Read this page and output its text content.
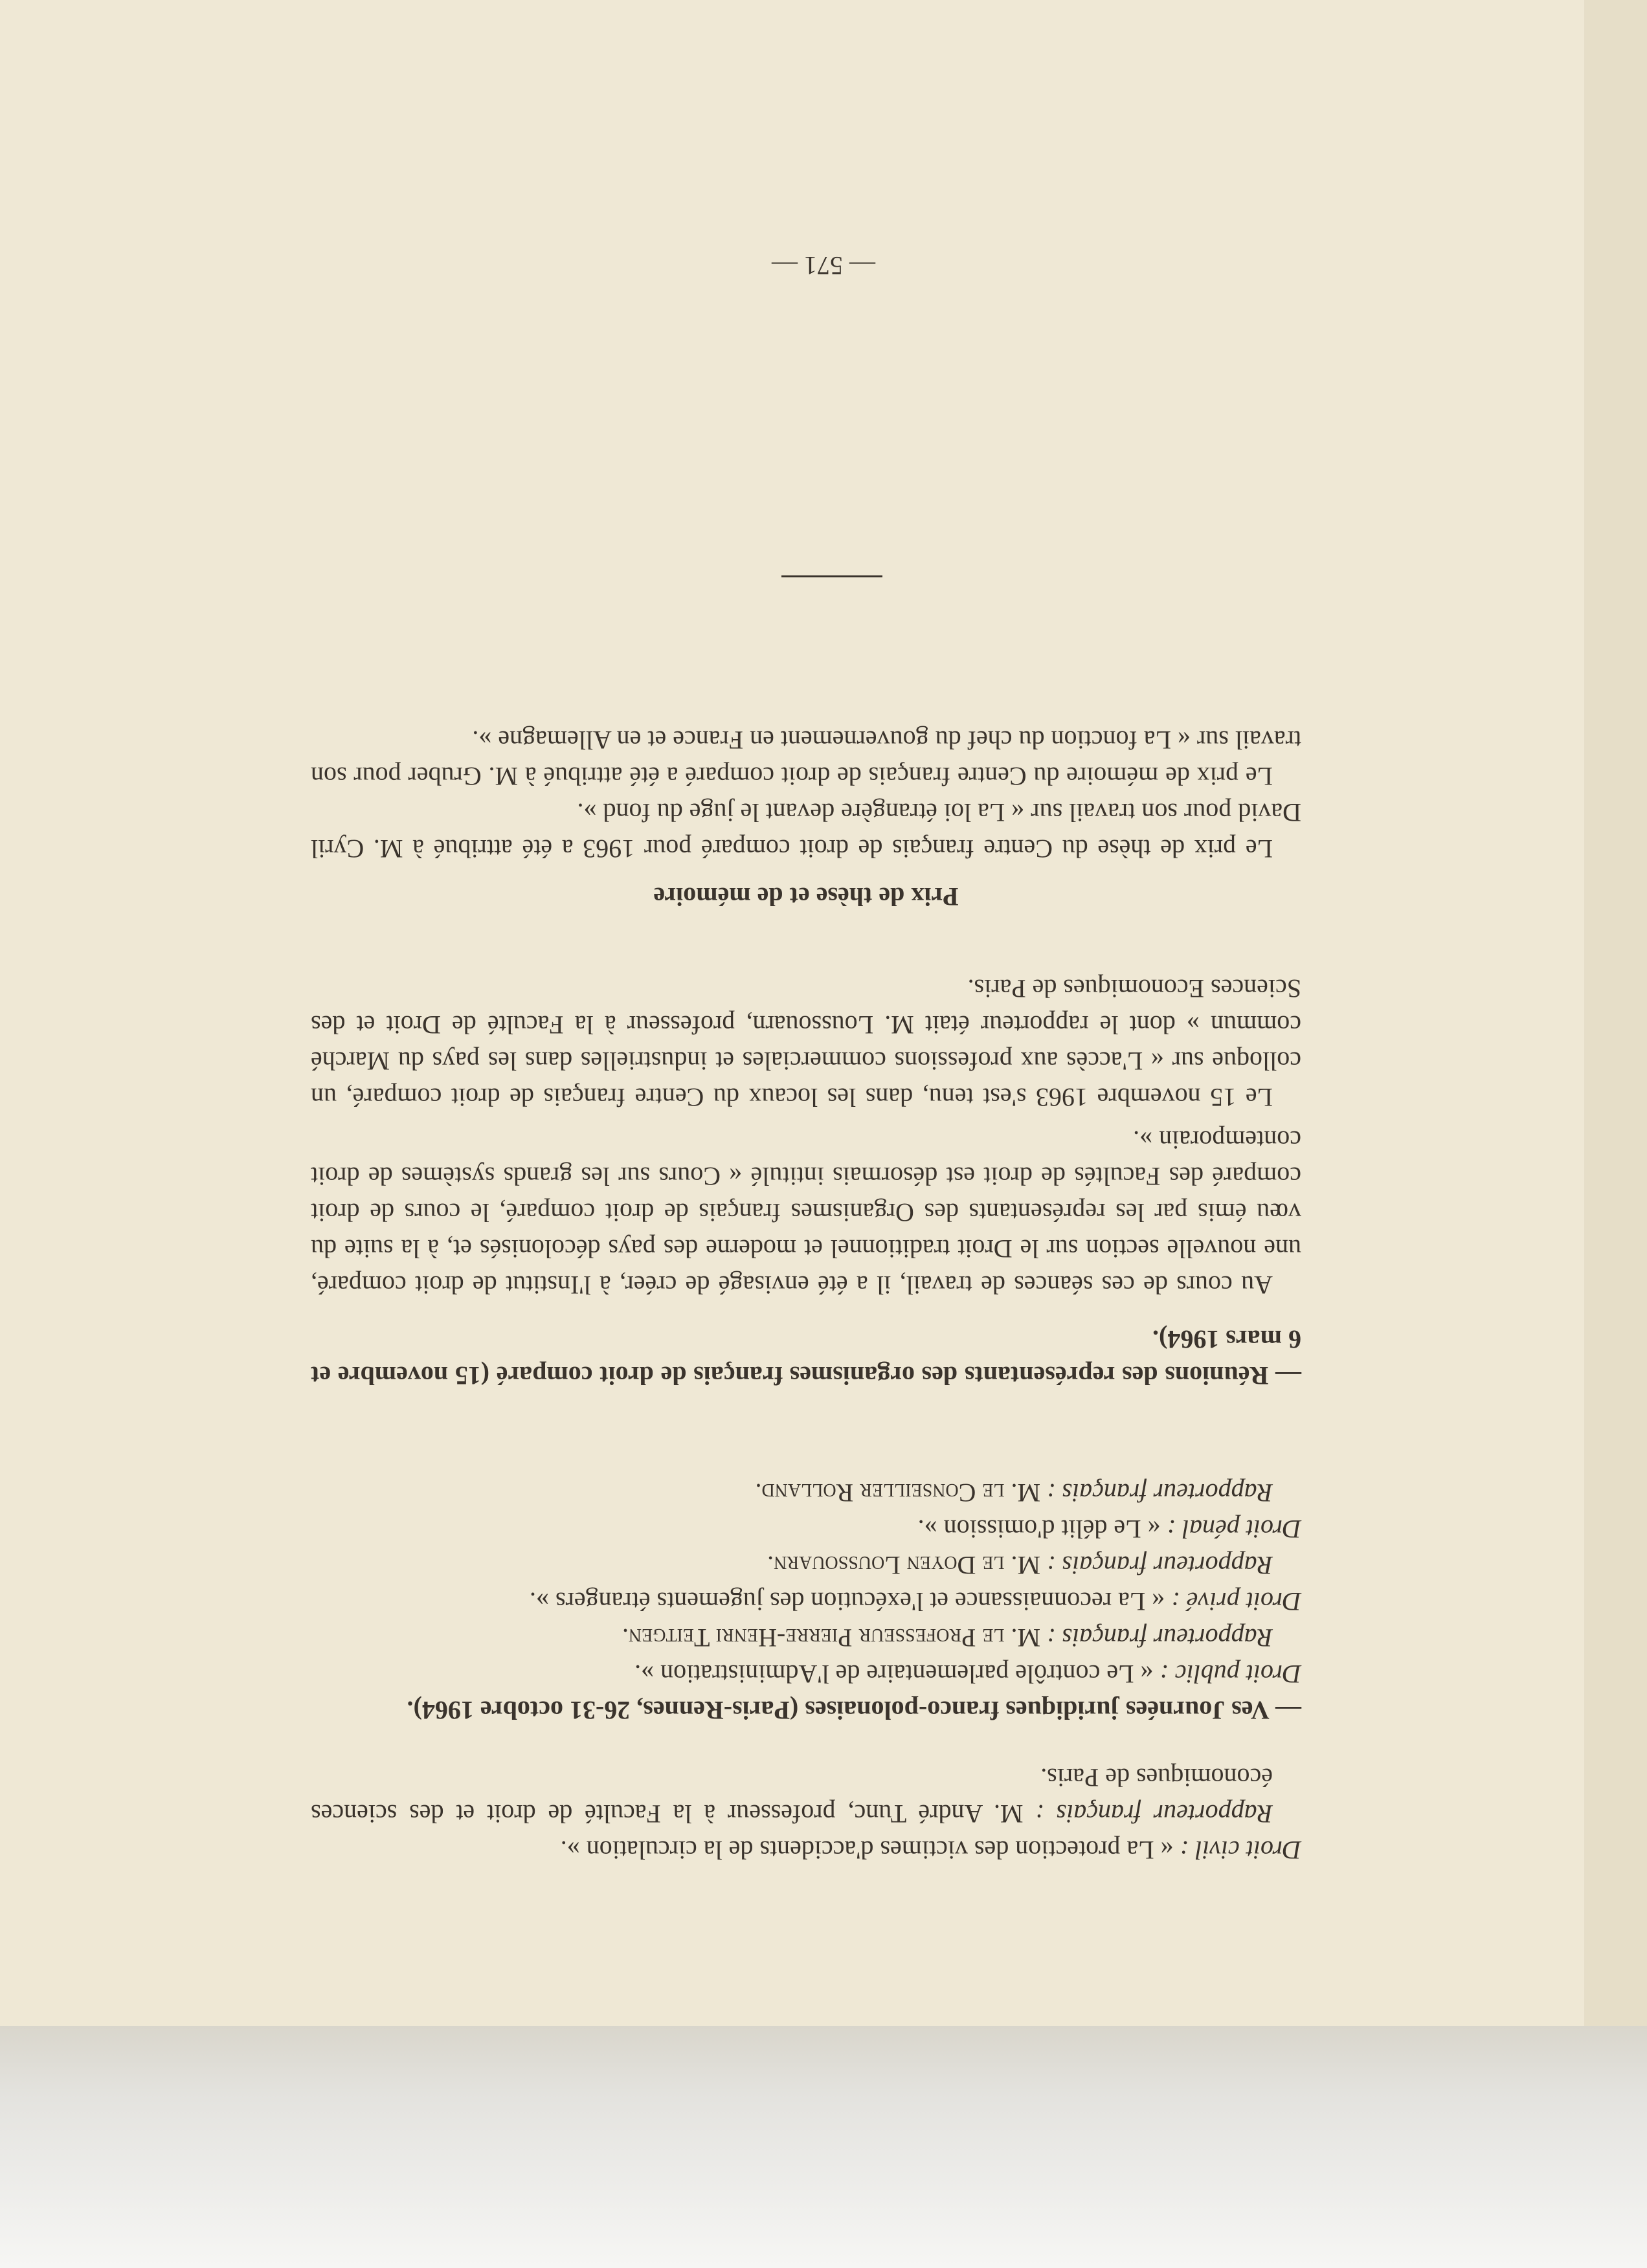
Droit civil : « La protection des victimes d'accidents de la circulation ».

Rapporteur français : M. André Tunc, professeur à la Faculté de droit et des sciences économiques de Paris.

— Ves Journées juridiques franco-polonaises (Paris-Rennes, 26-31 octobre 1964).

Droit public : « Le contrôle parlementaire de l'Administration ».

Rapporteur français : M. le Professeur Pierre-Henri Teitgen.

Droit privé : « La reconnaissance et l'exécution des jugements étrangers ».

Rapporteur français : M. le Doyen Loussouarn.

Droit pénal : « Le délit d'omission ».

Rapporteur français : M. le Conseiller Rolland.

— Réunions des représentants des organismes français de droit comparé (15 novembre et 6 mars 1964).

Au cours de ces séances de travail, il a été envisagé de créer, à l'Institut de droit comparé, une nouvelle section sur le Droit traditionnel et moderne des pays décolonisés et, à la suite du vœu émis par les représentants des Organismes français de droit comparé, le cours de droit comparé des Facultés de droit est désormais intitulé « Cours sur les grands systèmes de droit contemporain ».

Le 15 novembre 1963 s'est tenu, dans les locaux du Centre français de droit comparé, un colloque sur « L'accès aux professions commerciales et industrielles dans les pays du Marché commun » dont le rapporteur était M. Loussouarn, professeur à la Faculté de Droit et des Sciences Economiques de Paris.

Prix de thèse et de mémoire

Le prix de thèse du Centre français de droit comparé pour 1963 a été attribué à M. Cyril David pour son travail sur « La loi étrangère devant le juge du fond ».

Le prix de mémoire du Centre français de droit comparé a été attribué à M. Gruber pour son travail sur « La fonction du chef du gouvernement en France et en Allemagne ».

— 571 —
